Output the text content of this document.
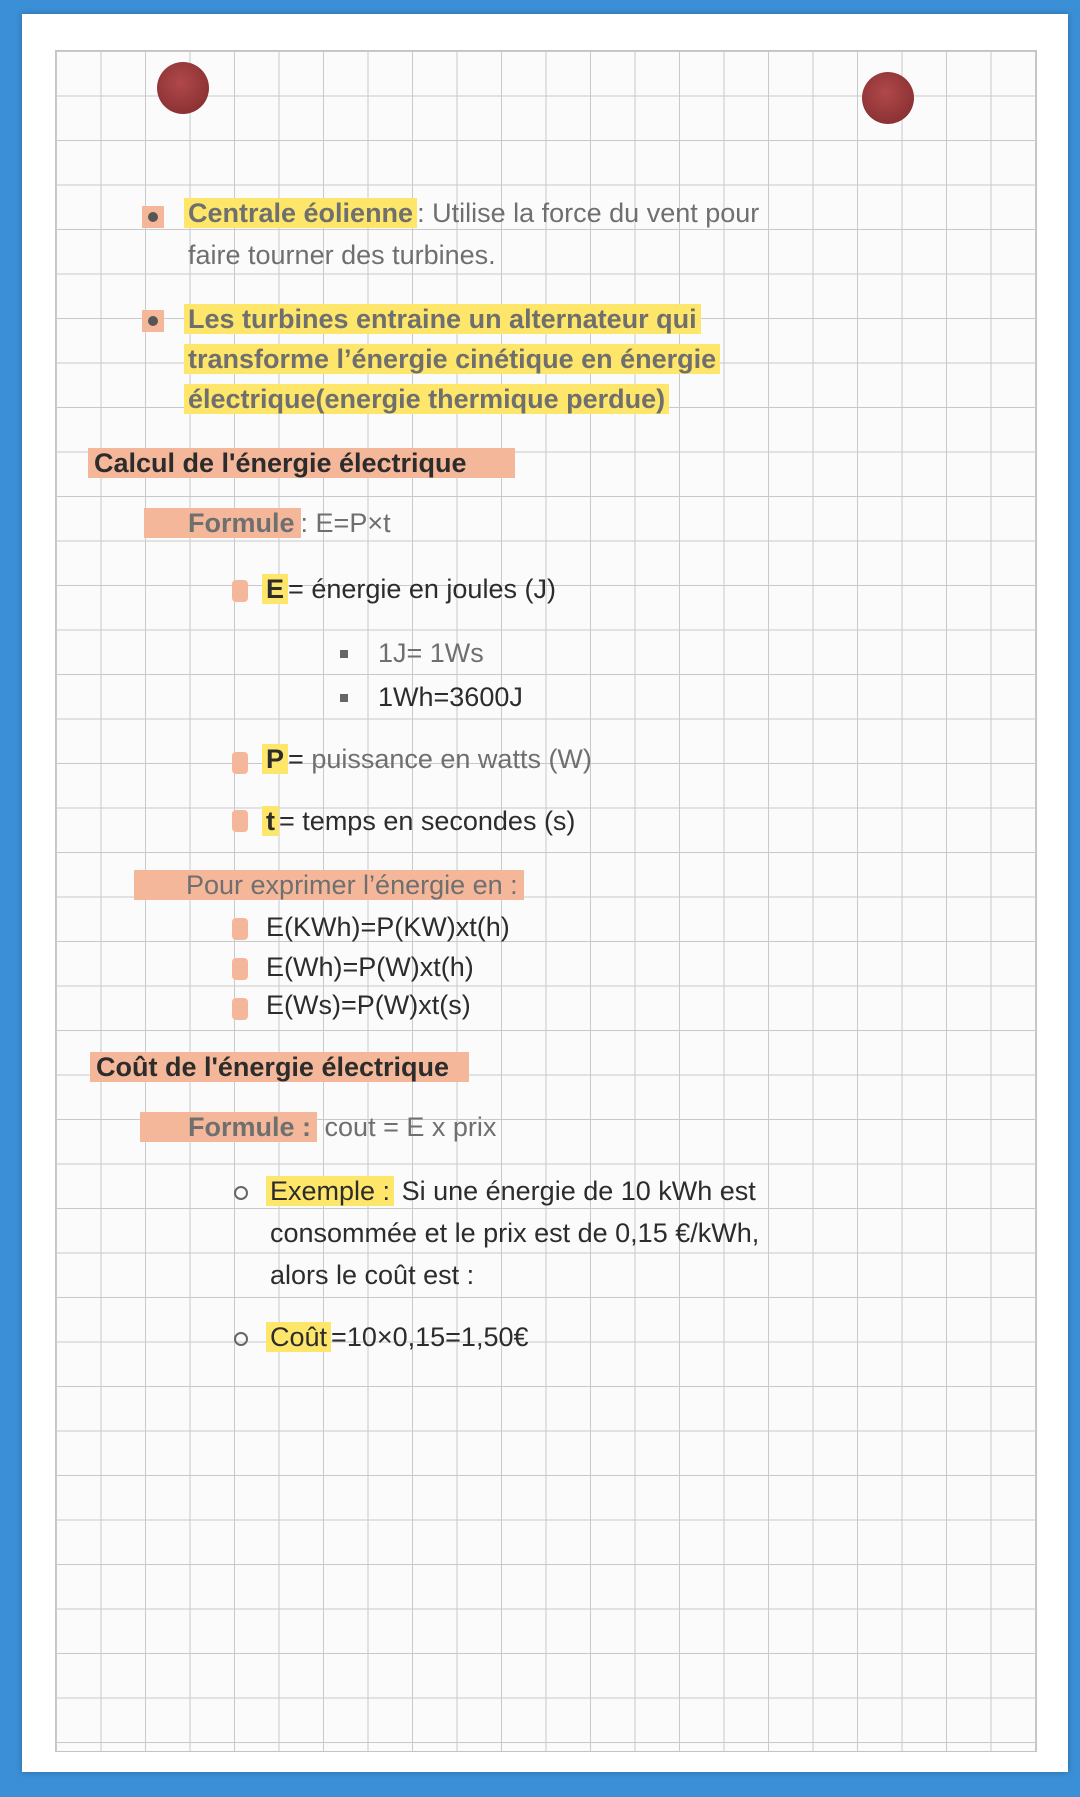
Centrale éolienne : Utilise la force du vent pour
faire tourner des turbines.
Les turbines entraine un alternateur qui
transforme l’énergie cinétique en énergie
électrique(energie thermique perdue)
Calcul de l'énergie électrique
Formule : E=P×t
E = énergie en joules (J)
1J= 1Ws
1Wh=3600J
P = puissance en watts (W)
t = temps en secondes (s)
Pour exprimer l’énergie en :
E(KWh)=P(KW)xt(h)
E(Wh)=P(W)xt(h)
E(Ws)=P(W)xt(s)
Coût de l'énergie électrique
Formule : cout = E x prix
Exemple : Si une énergie de 10 kWh est
consommée et le prix est de 0,15 €/kWh,
alors le coût est :
Coût =10×0,15=1,50€
